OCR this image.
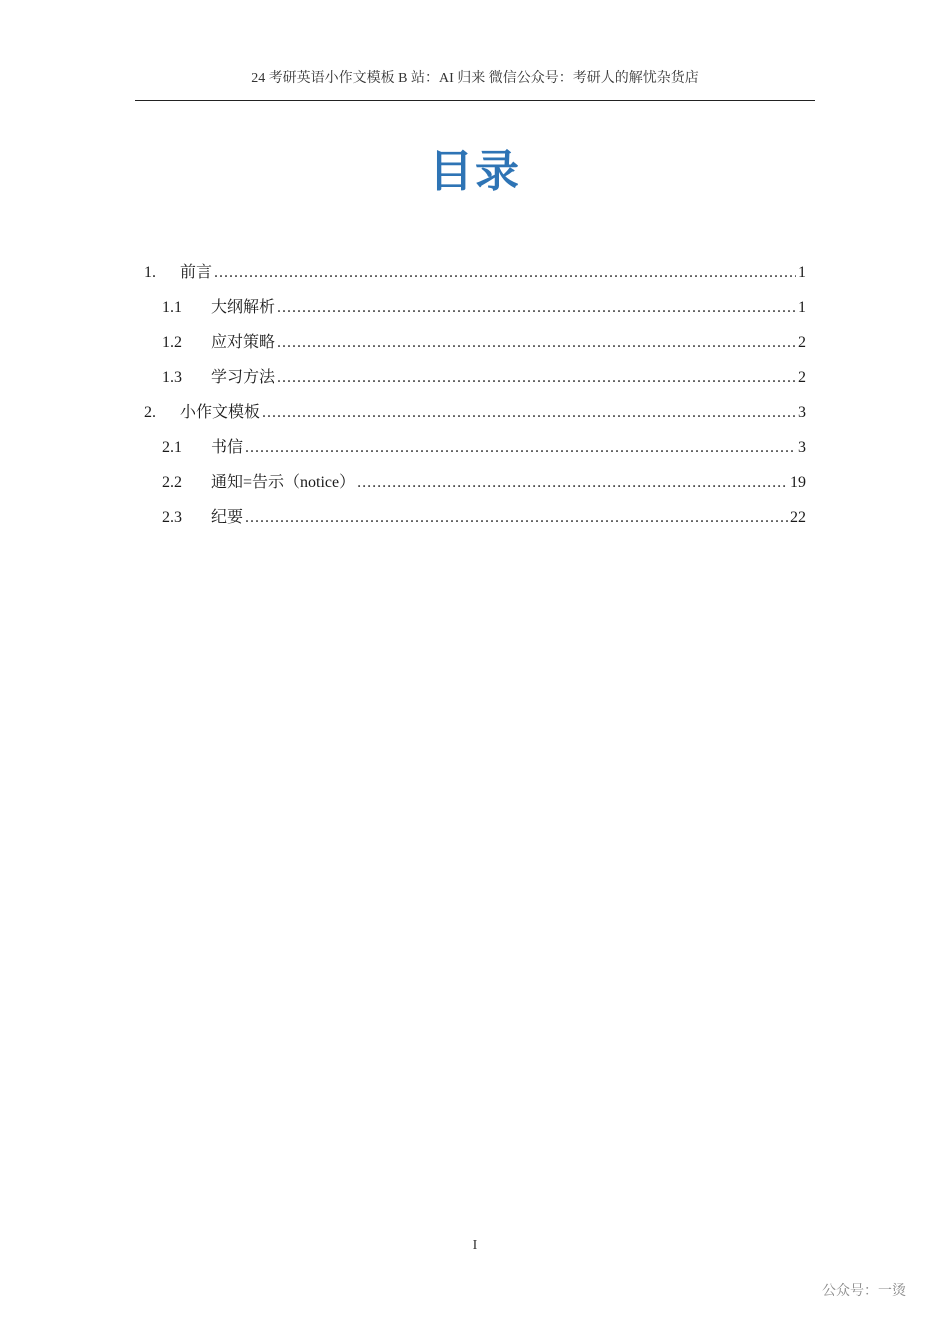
24 考研英语小作文模板 B 站：AI 归来 微信公众号：考研人的解忧杂货店
目录
1.	前言 .....	1
1.1	大纲解析 .....	1
1.2	应对策略 .....	2
1.3	学习方法 .....	2
2.	小作文模板 .....	3
2.1	书信 .....	3
2.2	通知=告示（notice） .....	19
2.3	纪要 .....	22
I
公众号：一烫
